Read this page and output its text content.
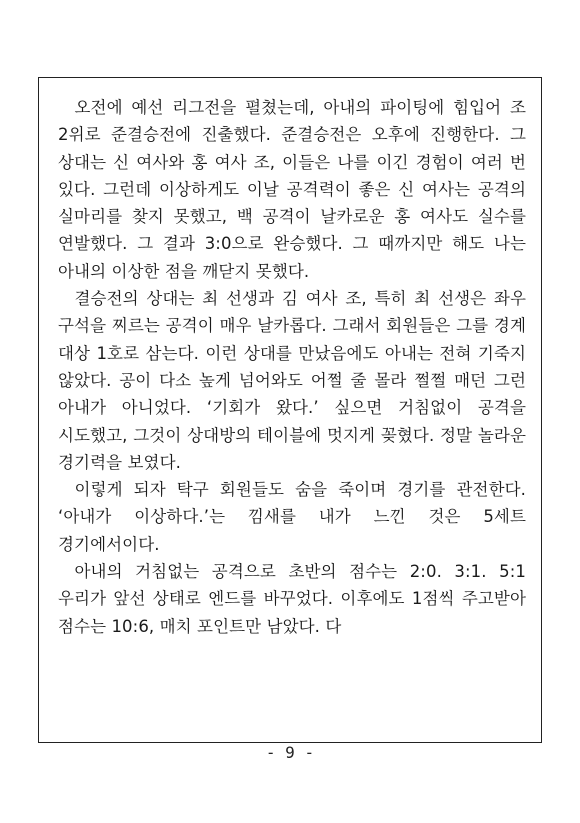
오전에 예선 리그전을 펼쳤는데, 아내의 파이팅에 힘입어 조 2위로 준결승전에 진출했다. 준결승전은 오후에 진행한다. 그 상대는 신 여사와 홍 여사 조, 이들은 나를 이긴 경험이 여러 번 있다. 그런데 이상하게도 이날 공격력이 좋은 신 여사는 공격의 실마리를 찾지 못했고, 백 공격이 날카로운 홍 여사도 실수를 연발했다. 그 결과 3:0으로 완승했다. 그 때까지만 해도 나는 아내의 이상한 점을 깨닫지 못했다.

결승전의 상대는 최 선생과 김 여사 조, 특히 최 선생은 좌우 구석을 찌르는 공격이 매우 날카롭다. 그래서 회원들은 그를 경계 대상 1호로 삼는다. 이런 상대를 만났음에도 아내는 전혀 기죽지 않았다. 공이 다소 높게 넘어와도 어쩔 줄 몰라 쩔쩔 매던 그런 아내가 아니었다. ‘기회가 왔다.’ 싶으면 거침없이 공격을 시도했고, 그것이 상대방의 테이블에 멋지게 꽂혔다. 정말 놀라운 경기력을 보였다.

이렇게 되자 탁구 회원들도 숨을 죽이며 경기를 관전한다. ‘아내가 이상하다.’는 낌새를 내가 느낀 것은 5세트 경기에서이다.

아내의 거침없는 공격으로 초반의 점수는 2:0. 3:1. 5:1 우리가 앞선 상태로 엔드를 바꾸었다. 이후에도 1점씩 주고받아 점수는 10:6, 매치 포인트만 남았다. 다

- 9 -
